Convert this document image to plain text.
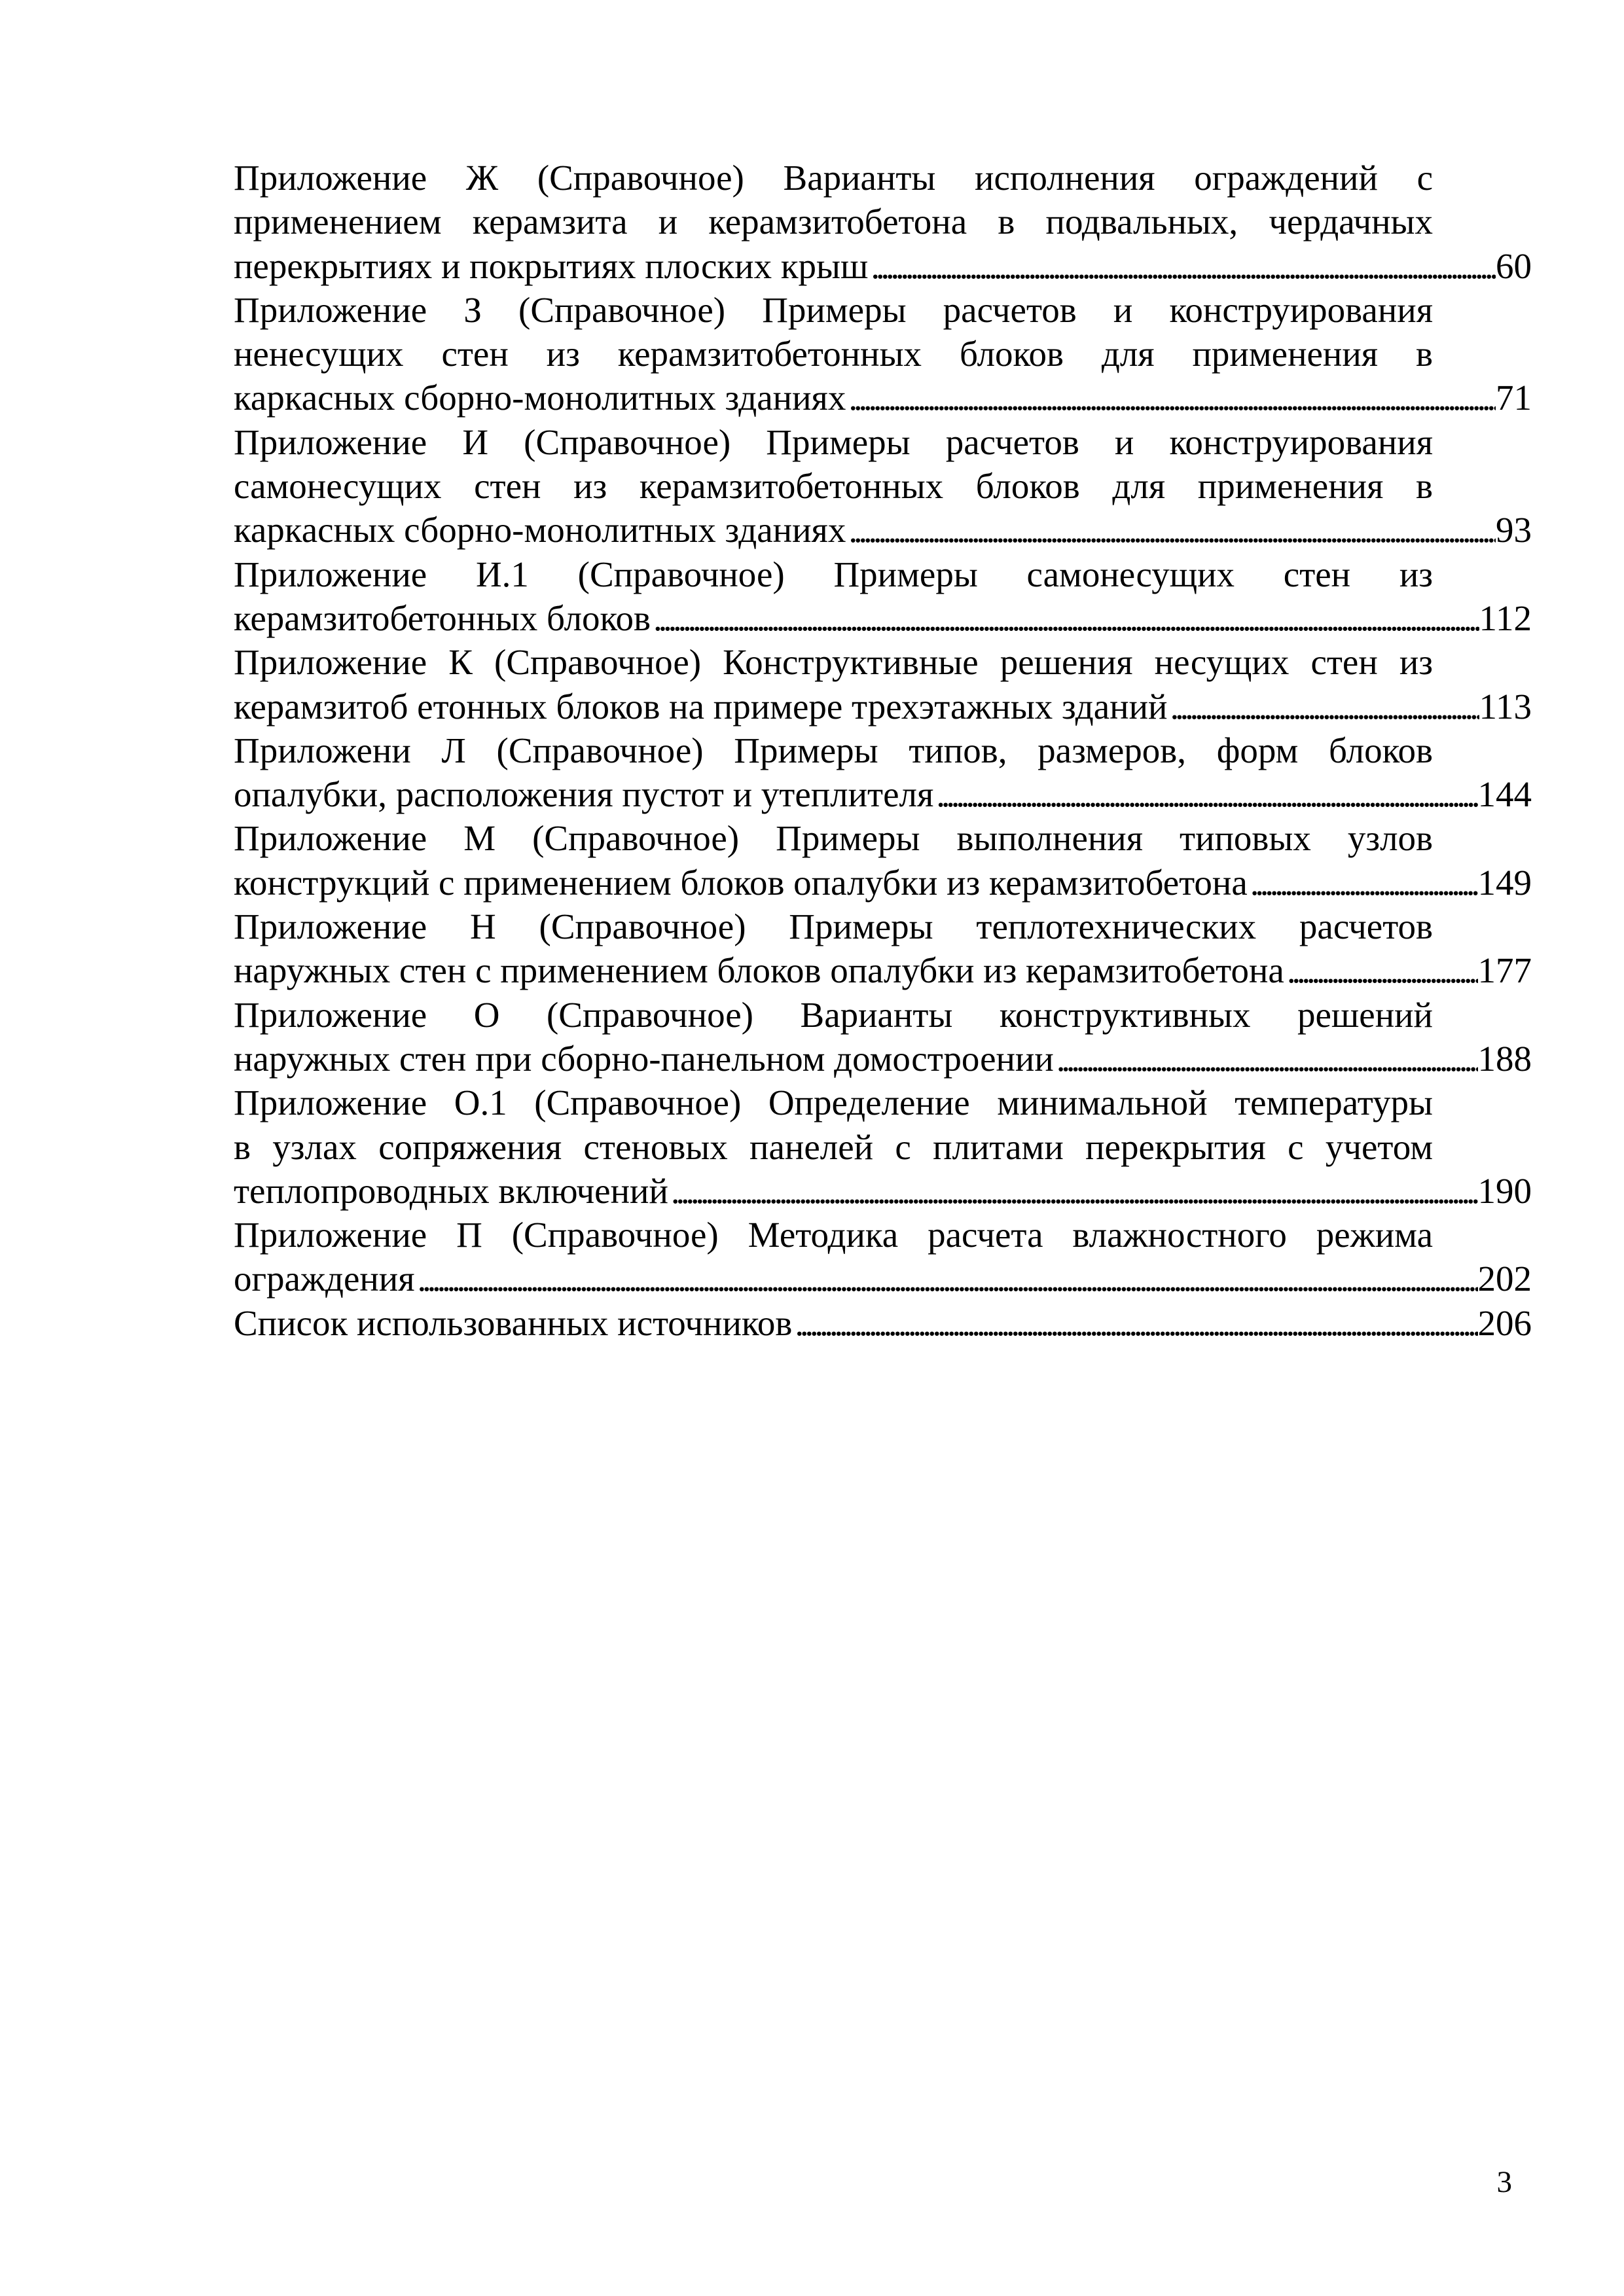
Приложение Ж (Справочное) Варианты исполнения ограждений с
применением керамзита и керамзитобетона в подвальных, чердачных
перекрытиях и покрытиях плоских крыш . . .	60
Приложение З (Справочное) Примеры расчетов и конструирования
ненесущих стен из керамзитобетонных блоков для применения в
каркасных сборно-монолитных зданиях . . .	71
Приложение И (Справочное) Примеры расчетов и конструирования
самонесущих стен из керамзитобетонных блоков для применения в
каркасных сборно-монолитных зданиях . . .	93
Приложение И.1 (Справочное) Примеры самонесущих стен из
керамзитобетонных блоков . . .	112
Приложение К (Справочное) Конструктивные решения несущих стен из
керамзитоб етонных блоков на примере трехэтажных зданий . . .	113
Приложени Л (Справочное) Примеры типов, размеров, форм блоков
опалубки, расположения пустот и утеплителя . . .	144
Приложение М (Справочное) Примеры выполнения типовых узлов
конструкций с применением блоков опалубки из керамзитобетона . . .	149
Приложение Н (Справочное) Примеры теплотехнических расчетов
наружных стен с применением блоков опалубки из керамзитобетона . . .	177
Приложение О (Справочное) Варианты конструктивных решений
наружных стен при сборно-панельном домостроении . . .	188
Приложение О.1 (Справочное) Определение минимальной температуры
в узлах сопряжения стеновых панелей с плитами перекрытия с учетом
теплопроводных включений . . .	190
Приложение П (Справочное) Методика расчета влажностного режима
ограждения . . .	202
Список использованных источников . . .	206
3
